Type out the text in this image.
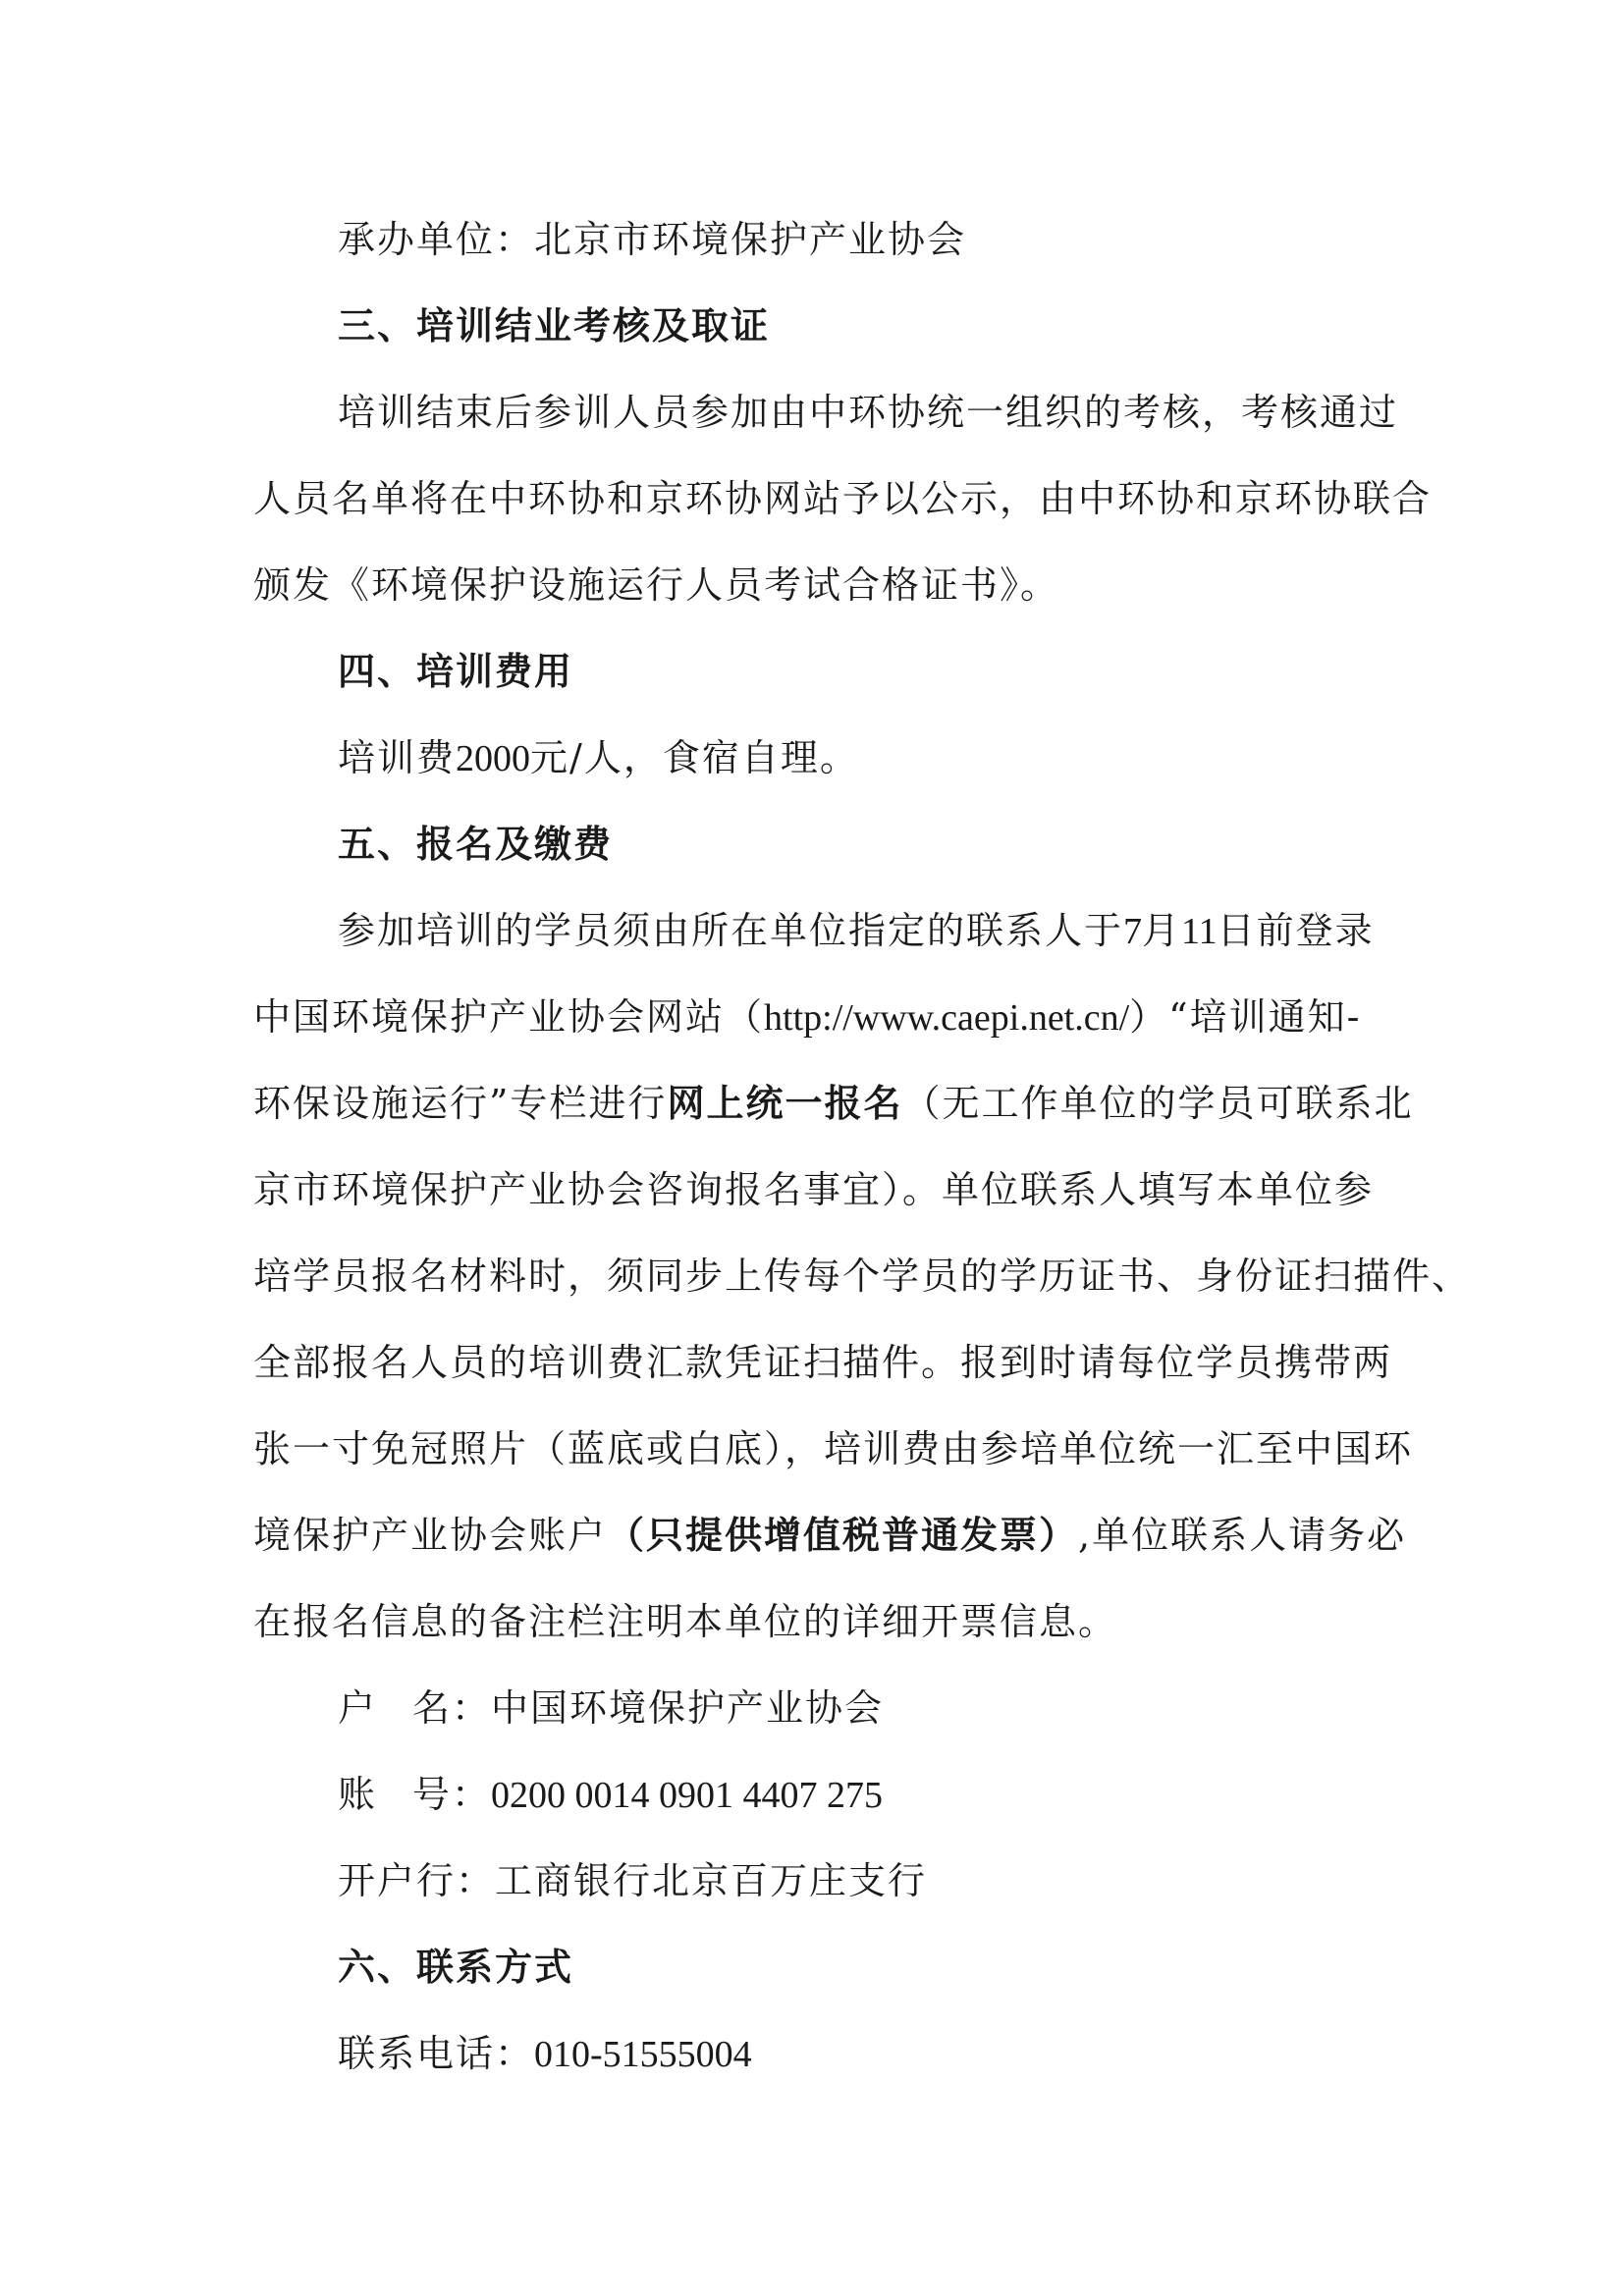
承办单位：北京市环境保护产业协会
三、培训结业考核及取证
培训结束后参训人员参加由中环协统一组织的考核，考核通过
人员名单将在中环协和京环协网站予以公示，由中环协和京环协联合
颁发《环境保护设施运行人员考试合格证书》。
四、培训费用
培训费2000元/人，食宿自理。
五、报名及缴费
参加培训的学员须由所在单位指定的联系人于7月11日前登录
中国环境保护产业协会网站（http://www.caepi.net.cn/）“培训通知-
环保设施运行”专栏进行网上统一报名（无工作单位的学员可联系北
京市环境保护产业协会咨询报名事宜）。单位联系人填写本单位参
培学员报名材料时，须同步上传每个学员的学历证书、身份证扫描件、
全部报名人员的培训费汇款凭证扫描件。报到时请每位学员携带两
张一寸免冠照片（蓝底或白底），培训费由参培单位统一汇至中国环
境保护产业协会账户（只提供增值税普通发票）,单位联系人请务必
在报名信息的备注栏注明本单位的详细开票信息。
户 名：中国环境保护产业协会
账 号：0200 0014 0901 4407 275
开户行：工商银行北京百万庄支行
六、联系方式
联系电话：010-51555004
